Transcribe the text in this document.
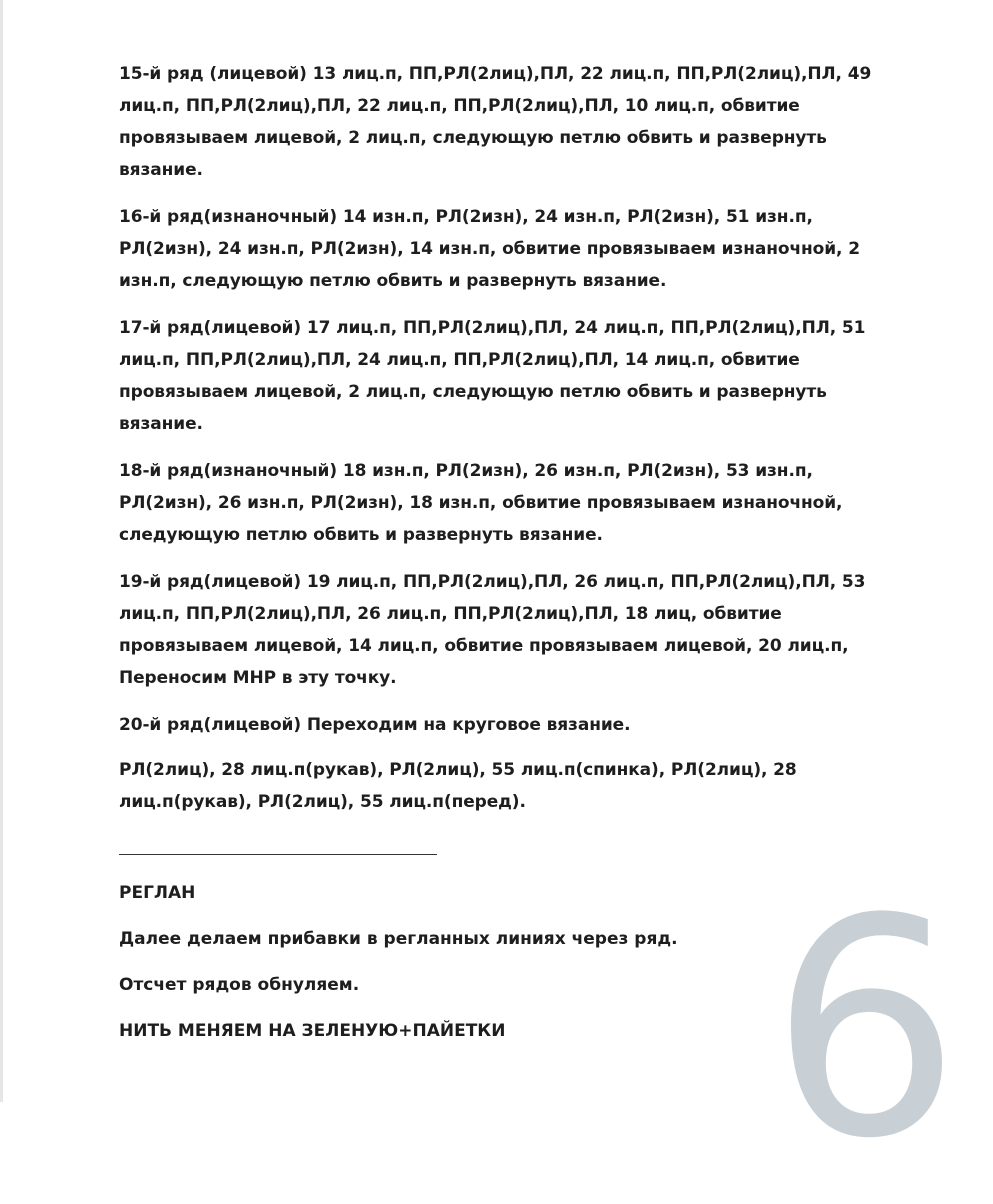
15-й ряд (лицевой) 13 лиц.п, ПП,РЛ(2лиц),ПЛ, 22 лиц.п, ПП,РЛ(2лиц),ПЛ, 49 лиц.п, ПП,РЛ(2лиц),ПЛ, 22 лиц.п, ПП,РЛ(2лиц),ПЛ, 10 лиц.п, обвитие провязываем лицевой, 2 лиц.п, следующую петлю обвить и развернуть вязание.

16-й ряд(изнаночный) 14 изн.п, РЛ(2изн), 24 изн.п, РЛ(2изн), 51 изн.п, РЛ(2изн), 24 изн.п, РЛ(2изн), 14 изн.п, обвитие провязываем изнаночной, 2 изн.п, следующую петлю обвить и развернуть вязание.

17-й ряд(лицевой) 17 лиц.п, ПП,РЛ(2лиц),ПЛ, 24 лиц.п, ПП,РЛ(2лиц),ПЛ, 51 лиц.п, ПП,РЛ(2лиц),ПЛ, 24 лиц.п, ПП,РЛ(2лиц),ПЛ, 14 лиц.п, обвитие провязываем лицевой, 2 лиц.п, следующую петлю обвить и развернуть вязание.

18-й ряд(изнаночный) 18 изн.п, РЛ(2изн), 26 изн.п, РЛ(2изн), 53 изн.п, РЛ(2изн), 26 изн.п, РЛ(2изн), 18 изн.п, обвитие провязываем изнаночной, следующую петлю обвить и развернуть вязание.

19-й ряд(лицевой) 19 лиц.п, ПП,РЛ(2лиц),ПЛ, 26 лиц.п, ПП,РЛ(2лиц),ПЛ, 53 лиц.п, ПП,РЛ(2лиц),ПЛ, 26 лиц.п, ПП,РЛ(2лиц),ПЛ, 18 лиц, обвитие провязываем лицевой, 14 лиц.п, обвитие провязываем лицевой, 20 лиц.п, Переносим МНР в эту точку.

20-й ряд(лицевой) Переходим на круговое вязание.

РЛ(2лиц), 28 лиц.п(рукав), РЛ(2лиц), 55 лиц.п(спинка), РЛ(2лиц), 28 лиц.п(рукав), РЛ(2лиц), 55 лиц.п(перед).

РЕГЛАН

Далее делаем прибавки в регланных линиях через ряд.

Отсчет рядов обнуляем.

НИТЬ МЕНЯЕМ НА ЗЕЛЕНУЮ+ПАЙЕТКИ 6
